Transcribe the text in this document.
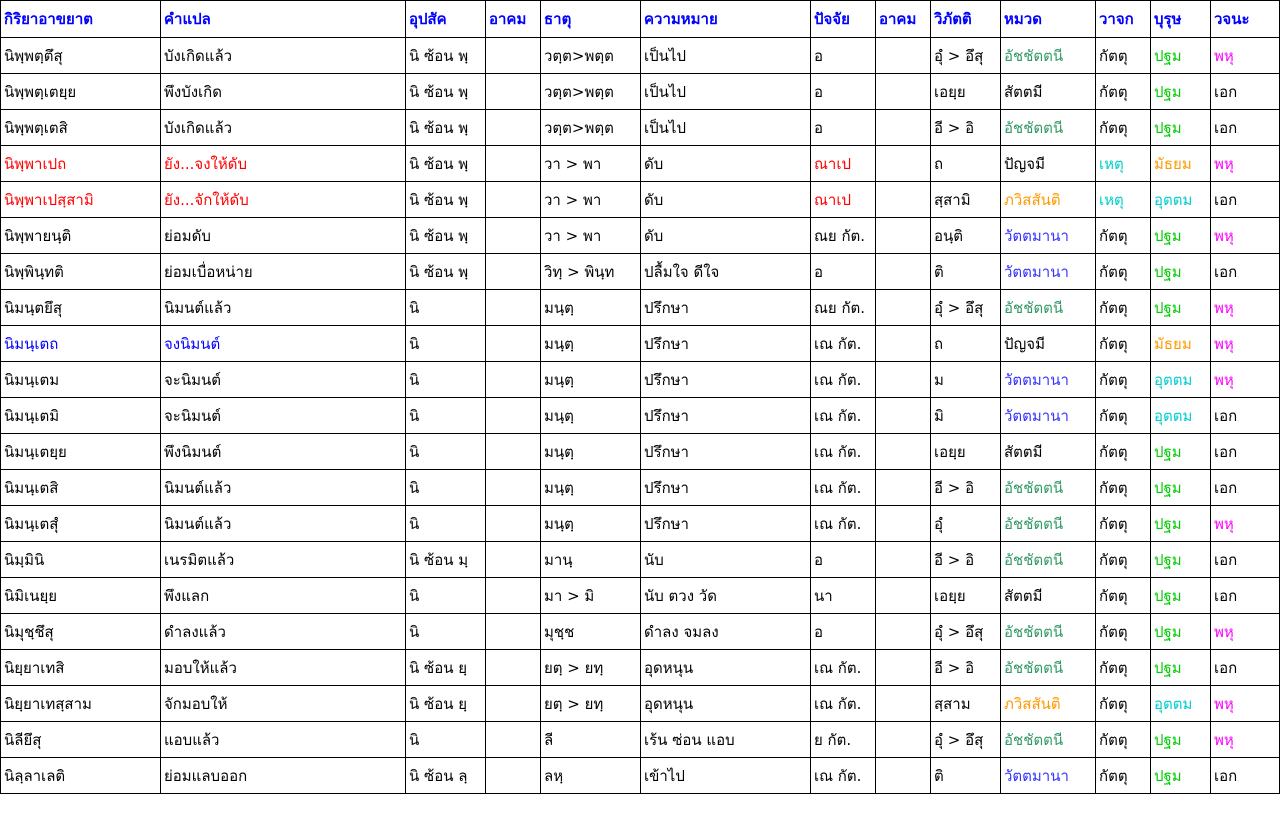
กิริยาอาขยาต	คำแปล	อุปสัค	อาคม	ธาตุ	ความหมาย	ปัจจัย	อาคม	วิภัตติ	หมวด	วาจก	บุรุษ	วจนะ
นิพฺพตฺตึสุ	บังเกิดแล้ว	นิ ซ้อน พฺ		วตฺต>พตฺต	เป็นไป	อ		อุํ > อึสุ	อัชชัตตนี	กัตตุ	ปฐม	พหุ
นิพฺพตฺเตยฺย	พึงบังเกิด	นิ ซ้อน พฺ		วตฺต>พตฺต	เป็นไป	อ		เอยฺย	สัตตมี	กัตตุ	ปฐม	เอก
นิพฺพตฺเตสิ	บังเกิดแล้ว	นิ ซ้อน พฺ		วตฺต>พตฺต	เป็นไป	อ		อี > อิ	อัชชัตตนี	กัตตุ	ปฐม	เอก
นิพฺพาเปถ	ยัง...จงให้ดับ	นิ ซ้อน พฺ		วา > พา	ดับ	ณาเป		ถ	ปัญจมี	เหตุ	มัธยม	พหุ
นิพฺพาเปสฺสามิ	ยัง...จักให้ดับ	นิ ซ้อน พฺ		วา > พา	ดับ	ณาเป		สฺสามิ	ภวิสสันติ	เหตุ	อุตตม	เอก
นิพฺพายนฺติ	ย่อมดับ	นิ ซ้อน พฺ		วา > พา	ดับ	ณย กัต.		อนฺติ	วัตตมานา	กัตตุ	ปฐม	พหุ
นิพฺพินฺทติ	ย่อมเบื่อหน่าย	นิ ซ้อน พฺ		วิทฺ > พินฺท	ปลื้มใจ ดีใจ	อ		ติ	วัตตมานา	กัตตุ	ปฐม	เอก
นิมนฺตยึสุ	นิมนต์แล้ว	นิ		มนฺตฺ	ปรึกษา	ณย กัต.		อุํ > อึสุ	อัชชัตตนี	กัตตุ	ปฐม	พหุ
นิมนฺเตถ	จงนิมนต์	นิ		มนฺตฺ	ปรึกษา	เณ กัต.		ถ	ปัญจมี	กัตตุ	มัธยม	พหุ
นิมนฺเตม	จะนิมนต์	นิ		มนฺตฺ	ปรึกษา	เณ กัต.		ม	วัตตมานา	กัตตุ	อุตตม	พหุ
นิมนฺเตมิ	จะนิมนต์	นิ		มนฺตฺ	ปรึกษา	เณ กัต.		มิ	วัตตมานา	กัตตุ	อุตตม	เอก
นิมนฺเตยฺย	พึงนิมนต์	นิ		มนฺตฺ	ปรึกษา	เณ กัต.		เอยฺย	สัตตมี	กัตตุ	ปฐม	เอก
นิมนฺเตสิ	นิมนต์แล้ว	นิ		มนฺตฺ	ปรึกษา	เณ กัต.		อี > อิ	อัชชัตตนี	กัตตุ	ปฐม	เอก
นิมนฺเตสุํ	นิมนต์แล้ว	นิ		มนฺตฺ	ปรึกษา	เณ กัต.		อุํ	อัชชัตตนี	กัตตุ	ปฐม	พหุ
นิมฺมินิ	เนรมิตแล้ว	นิ ซ้อน มฺ		มานฺ	นับ	อ		อี > อิ	อัชชัตตนี	กัตตุ	ปฐม	เอก
นิมิเนยฺย	พึงแลก	นิ		มา > มิ	นับ ตวง วัด	นา		เอยฺย	สัตตมี	กัตตุ	ปฐม	เอก
นิมุชฺชึสุ	ดำลงแล้ว	นิ		มุชฺช	ดำลง จมลง	อ		อุํ > อึสุ	อัชชัตตนี	กัตตุ	ปฐม	พหุ
นิยฺยาเทสิ	มอบให้แล้ว	นิ ซ้อน ยฺ		ยตฺ > ยทฺ	อุดหนุน	เณ กัต.		อี > อิ	อัชชัตตนี	กัตตุ	ปฐม	เอก
นิยฺยาเทสฺสาม	จักมอบให้	นิ ซ้อน ยฺ		ยตฺ > ยทฺ	อุดหนุน	เณ กัต.		สฺสาม	ภวิสสันติ	กัตตุ	อุตตม	พหุ
นิลียึสุ	แอบแล้ว	นิ		ลี	เร้น ซ่อน แอบ	ย กัต.		อุํ > อึสุ	อัชชัตตนี	กัตตุ	ปฐม	พหุ
นิลฺลาเลติ	ย่อมแลบออก	นิ ซ้อน ลฺ		ลหฺ	เข้าไป	เณ กัต.		ติ	วัตตมานา	กัตตุ	ปฐม	เอก
